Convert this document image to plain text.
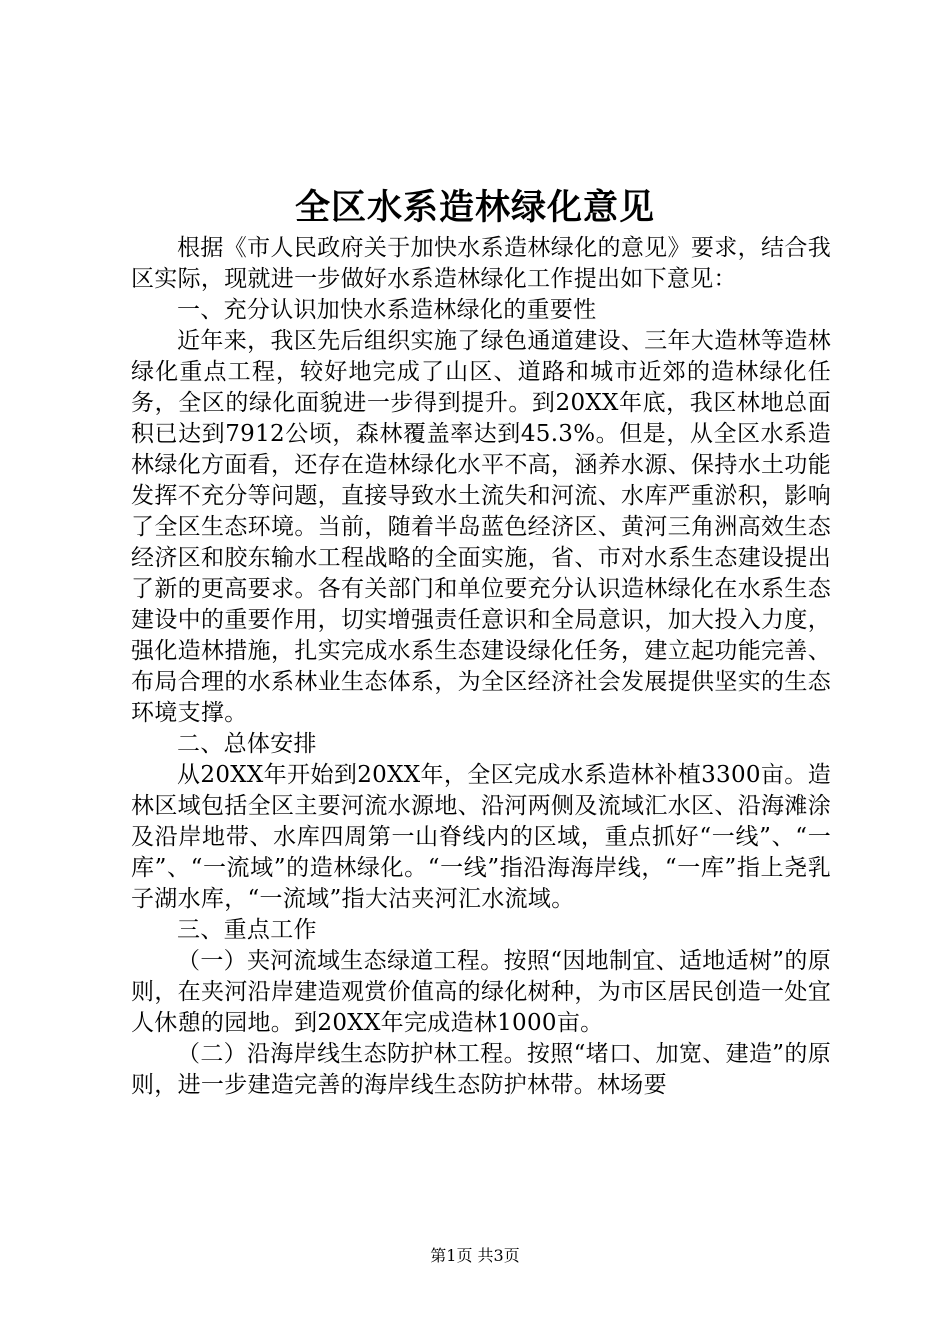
全区水系造林绿化意见

根据《市人民政府关于加快水系造林绿化的意见》要求，结合我区实际，现就进一步做好水系造林绿化工作提出如下意见：

一、充分认识加快水系造林绿化的重要性

近年来，我区先后组织实施了绿色通道建设、三年大造林等造林绿化重点工程，较好地完成了山区、道路和城市近郊的造林绿化任务，全区的绿化面貌进一步得到提升。到20XX年底，我区林地总面积已达到7912公顷，森林覆盖率达到45.3%。但是，从全区水系造林绿化方面看，还存在造林绿化水平不高，涵养水源、保持水土功能发挥不充分等问题，直接导致水土流失和河流、水库严重淤积，影响了全区生态环境。当前，随着半岛蓝色经济区、黄河三角洲高效生态经济区和胶东输水工程战略的全面实施，省、市对水系生态建设提出了新的更高要求。各有关部门和单位要充分认识造林绿化在水系生态建设中的重要作用，切实增强责任意识和全局意识，加大投入力度，强化造林措施，扎实完成水系生态建设绿化任务，建立起功能完善、布局合理的水系林业生态体系，为全区经济社会发展提供坚实的生态环境支撑。

二、总体安排

从20XX年开始到20XX年，全区完成水系造林补植3300亩。造林区域包括全区主要河流水源地、沿河两侧及流域汇水区、沿海滩涂及沿岸地带、水库四周第一山脊线内的区域，重点抓好“一线”、“一库”、“一流域”的造林绿化。“一线”指沿海海岸线，“一库”指上尧乳子湖水库，“一流域”指大沽夹河汇水流域。

三、重点工作

（一）夹河流域生态绿道工程。按照“因地制宜、适地适树”的原则，在夹河沿岸建造观赏价值高的绿化树种，为市区居民创造一处宜人休憩的园地。到20XX年完成造林1000亩。

（二）沿海岸线生态防护林工程。按照“堵口、加宽、建造”的原则，进一步建造完善的海岸线生态防护林带。林场要

第1页 共3页
